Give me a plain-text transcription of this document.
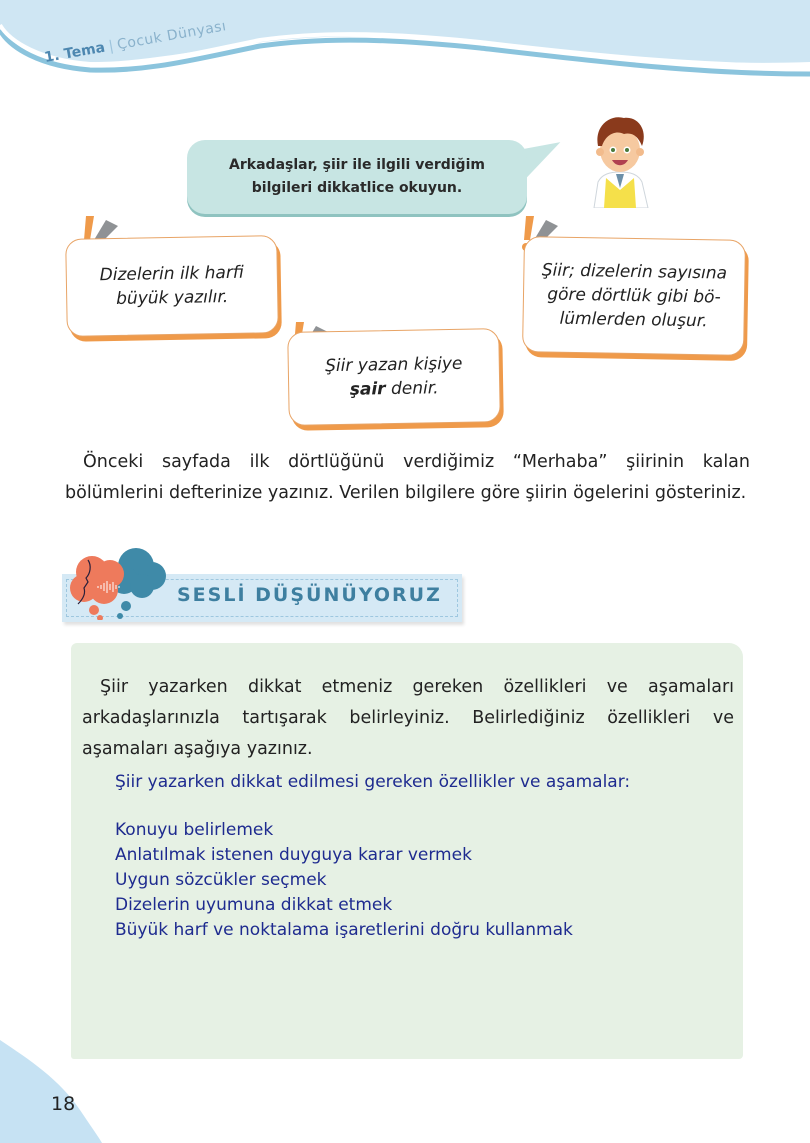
1. Tema|Çocuk Dünyası
Arkadaşlar, şiir ile ilgili verdiğim
bilgileri dikkatlice okuyun.
Dizelerin ilk harfi
büyük yazılır.
Şiir; dizelerin sayısına
göre dörtlük gibi bö-
lümlerden oluşur.
Şiir yazan kişiye
şair denir.
Önceki sayfada ilk dörtlüğünü verdiğimiz “Merhaba” şiirinin kalan bölümlerini defterinize yazınız. Verilen bilgilere göre şiirin ögelerini gösteriniz.
SESLİ DÜŞÜNÜYORUZ
Şiir yazarken dikkat etmeniz gereken özellikleri ve aşamaları arkadaşlarınızla tartışarak belirleyiniz. Belirlediğiniz özellikleri ve aşamaları aşağıya yazınız.
Şiir yazarken dikkat edilmesi gereken özellikler ve aşamalar:
Konuyu belirlemek
Anlatılmak istenen duyguya karar vermek
Uygun sözcükler seçmek
Dizelerin uyumuna dikkat etmek
Büyük harf ve noktalama işaretlerini doğru kullanmak
18
